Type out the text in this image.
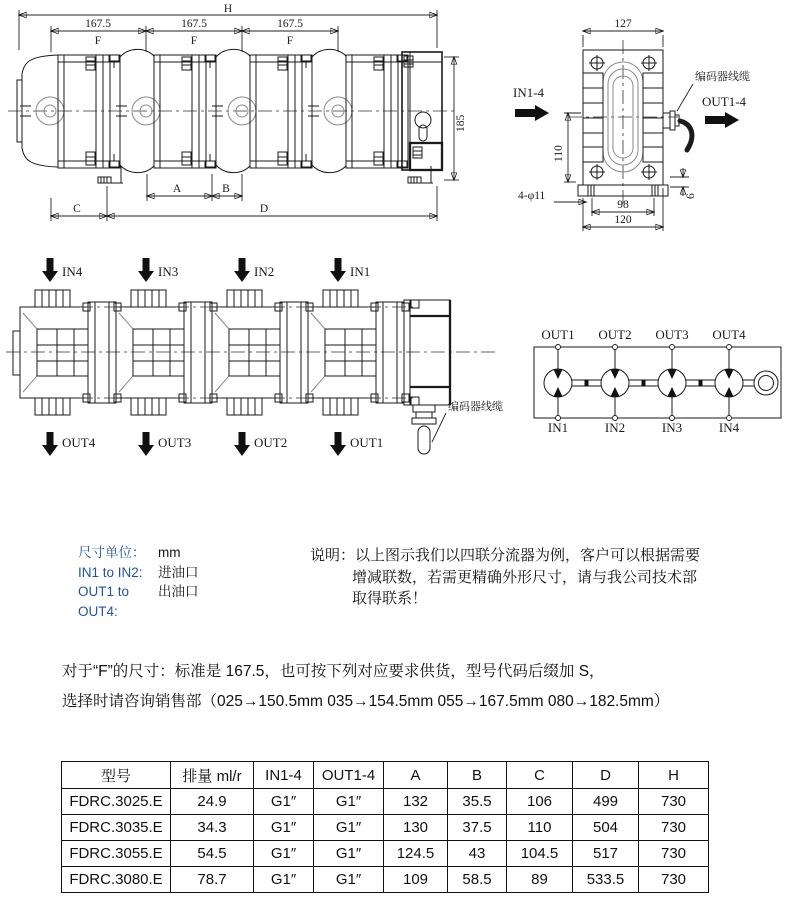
H
167.5	167.5	167.5
F	F	F
185
A	B
C	D
127
110
4-φ11
98
120
6
IN1-4
OUT1-4
编码器线缆
编码器线缆
IN4	IN3	IN2	IN1
OUT4	OUT3	OUT2	OUT1
OUT1 OUT2 OUT3 OUT4
IN1	IN2	IN3	IN4
尺寸单位： mm
IN1 to IN2:	进油口
OUT1 to OUT4:
出油口
说明：以上图示我们以四联分流器为例，客户可以根据需要
增减联数，若需更精确外形尺寸，请与我公司技术部
取得联系！
对于“F”的尺寸：标准是 167.5，也可按下列对应要求供货，型号代码后缀加 S，
选择时请咨询销售部（025→150.5mm 035→154.5mm 055→167.5mm 080→182.5mm）
型号	排量 ml/r	IN1-4	OUT1-4	A	B	C	D	H
FDRC.3025.E	24.9	G1″	G1″	132	35.5	106	499	730
FDRC.3035.E	34.3	G1″	G1″	130	37.5	110	504	730
FDRC.3055.E	54.5	G1″	G1″	124.5	43	104.5	517	730
FDRC.3080.E	78.7	G1″	G1″	109	58.5	89	533.5	730
